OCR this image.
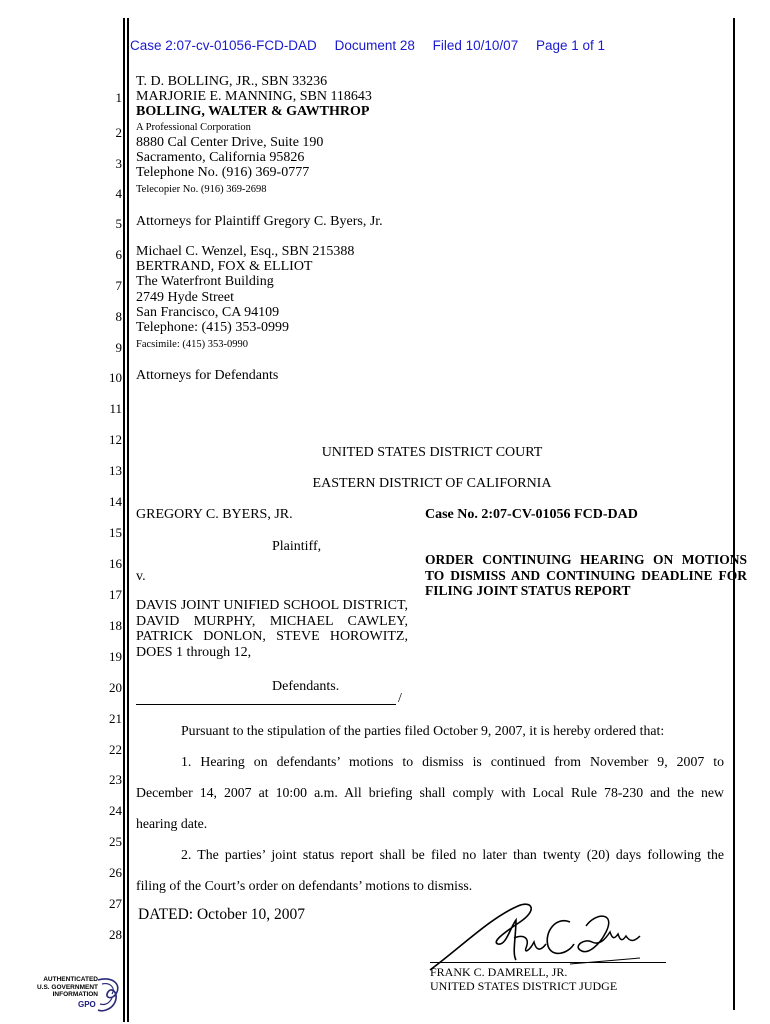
Case 2:07-cv-01056-FCD-DAD Document 28 Filed 10/10/07 Page 1 of 1
1
2
3
4
5
6
7
8
9
10
11
12
13
14
15
16
17
18
19
20
21
22
23
24
25
26
27
28
T. D. BOLLING, JR., SBN 33236
MARJORIE E. MANNING, SBN 118643
BOLLING, WALTER & GAWTHROP
A Professional Corporation
8880 Cal Center Drive, Suite 190
Sacramento, California 95826
Telephone No. (916) 369-0777
Telecopier No. (916) 369-2698
Attorneys for Plaintiff Gregory C. Byers, Jr.
Michael C. Wenzel, Esq., SBN 215388
BERTRAND, FOX & ELLIOT
The Waterfront Building
2749 Hyde Street
San Francisco, CA 94109
Telephone: (415) 353-0999
Facsimile: (415) 353-0990
Attorneys for Defendants
UNITED STATES DISTRICT COURT
EASTERN DISTRICT OF CALIFORNIA
GREGORY C. BYERS, JR.
Plaintiff,
v.
DAVIS JOINT UNIFIED SCHOOL DISTRICT, DAVID MURPHY, MICHAEL CAWLEY, PATRICK DONLON, STEVE HOROWITZ, DOES 1 through 12,
Defendants.
/
Case No. 2:07-CV-01056 FCD-DAD
ORDER CONTINUING HEARING ON MOTIONS TO DISMISS AND CONTINUING DEADLINE FOR FILING JOINT STATUS REPORT
Pursuant to the stipulation of the parties filed October 9, 2007, it is hereby ordered that:
1. Hearing on defendants’ motions to dismiss is continued from November 9, 2007 to
December 14, 2007 at 10:00 a.m. All briefing shall comply with Local Rule 78-230 and the new
hearing date.
2. The parties’ joint status report shall be filed no later than twenty (20) days following the
filing of the Court’s order on defendants’ motions to dismiss.
DATED: October 10, 2007
FRANK C. DAMRELL, JR.
UNITED STATES DISTRICT JUDGE
AUTHENTICATED
U.S. GOVERNMENT
INFORMATION
GPO
